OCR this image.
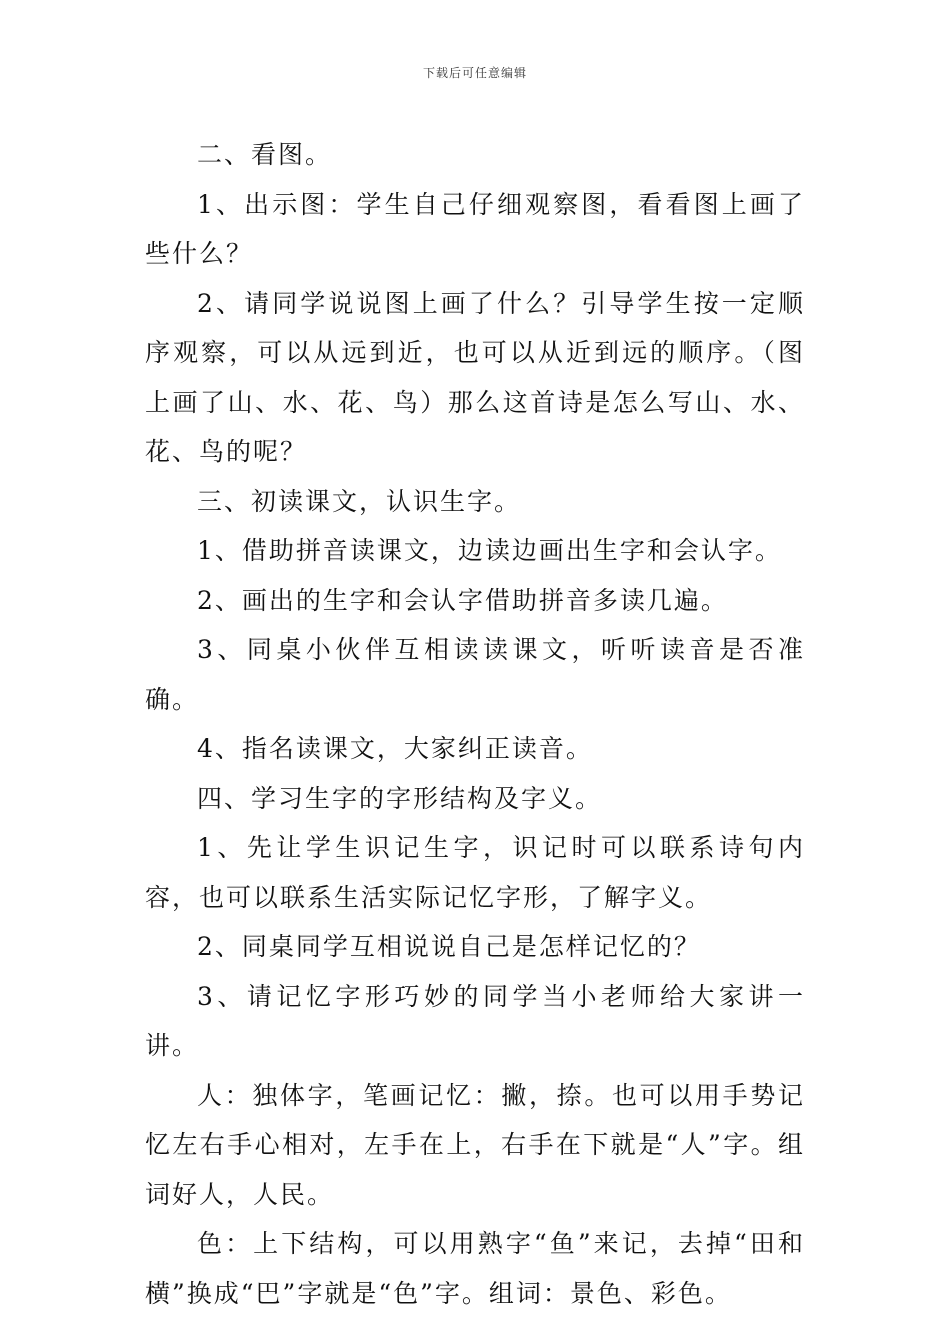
下载后可任意编辑

二、看图。

1、出示图：学生自己仔细观察图，看看图上画了些什么？

2、请同学说说图上画了什么？引导学生按一定顺序观察，可以从远到近，也可以从近到远的顺序。（图上画了山、水、花、鸟）那么这首诗是怎么写山、水、花、鸟的呢？

三、初读课文，认识生字。

1、借助拼音读课文，边读边画出生字和会认字。

2、画出的生字和会认字借助拼音多读几遍。

3、同桌小伙伴互相读读课文，听听读音是否准确。

4、指名读课文，大家纠正读音。

四、学习生字的字形结构及字义。

1、先让学生识记生字，识记时可以联系诗句内容，也可以联系生活实际记忆字形，了解字义。

2、同桌同学互相说说自己是怎样记忆的？

3、请记忆字形巧妙的同学当小老师给大家讲一讲。

人：独体字，笔画记忆：撇，捺。也可以用手势记忆左右手心相对，左手在上，右手在下就是“人”字。组词好人，人民。

色：上下结构，可以用熟字“鱼”来记，去掉“田和横”换成“巴”字就是“色”字。组词：景色、彩色。
